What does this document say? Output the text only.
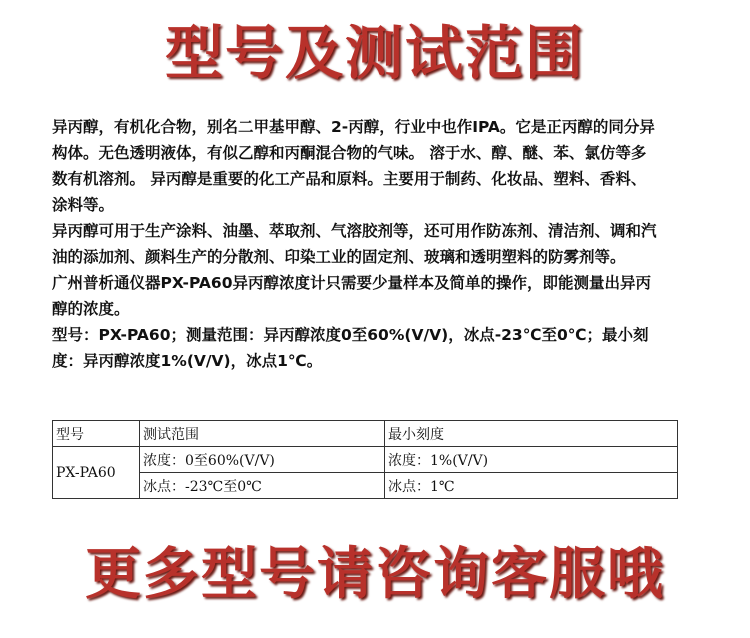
型号及测试范围
异丙醇，有机化合物，别名二甲基甲醇、2-丙醇，行业中也作IPA。它是正丙醇的同分异
构体。无色透明液体，有似乙醇和丙酮混合物的气味。 溶于水、醇、醚、苯、氯仿等多
数有机溶剂。 异丙醇是重要的化工产品和原料。主要用于制药、化妆品、塑料、香料、
涂料等。
异丙醇可用于生产涂料、油墨、萃取剂、气溶胶剂等，还可用作防冻剂、清洁剂、调和汽
油的添加剂、颜料生产的分散剂、印染工业的固定剂、玻璃和透明塑料的防雾剂等。
广州普析通仪器PX-PA60异丙醇浓度计只需要少量样本及简单的操作，即能测量出异丙
醇的浓度。
型号：PX-PA60；测量范围：异丙醇浓度0至60%(V/V)，冰点-23℃至0℃；最小刻
度：异丙醇浓度1%(V/V)，冰点1℃。
型号	测试范围	最小刻度
PX-PA60	浓度：0至60%(V/V)	浓度：1%(V/V)
	冰点：-23℃至0℃	冰点：1℃
更多型号请咨询客服哦
